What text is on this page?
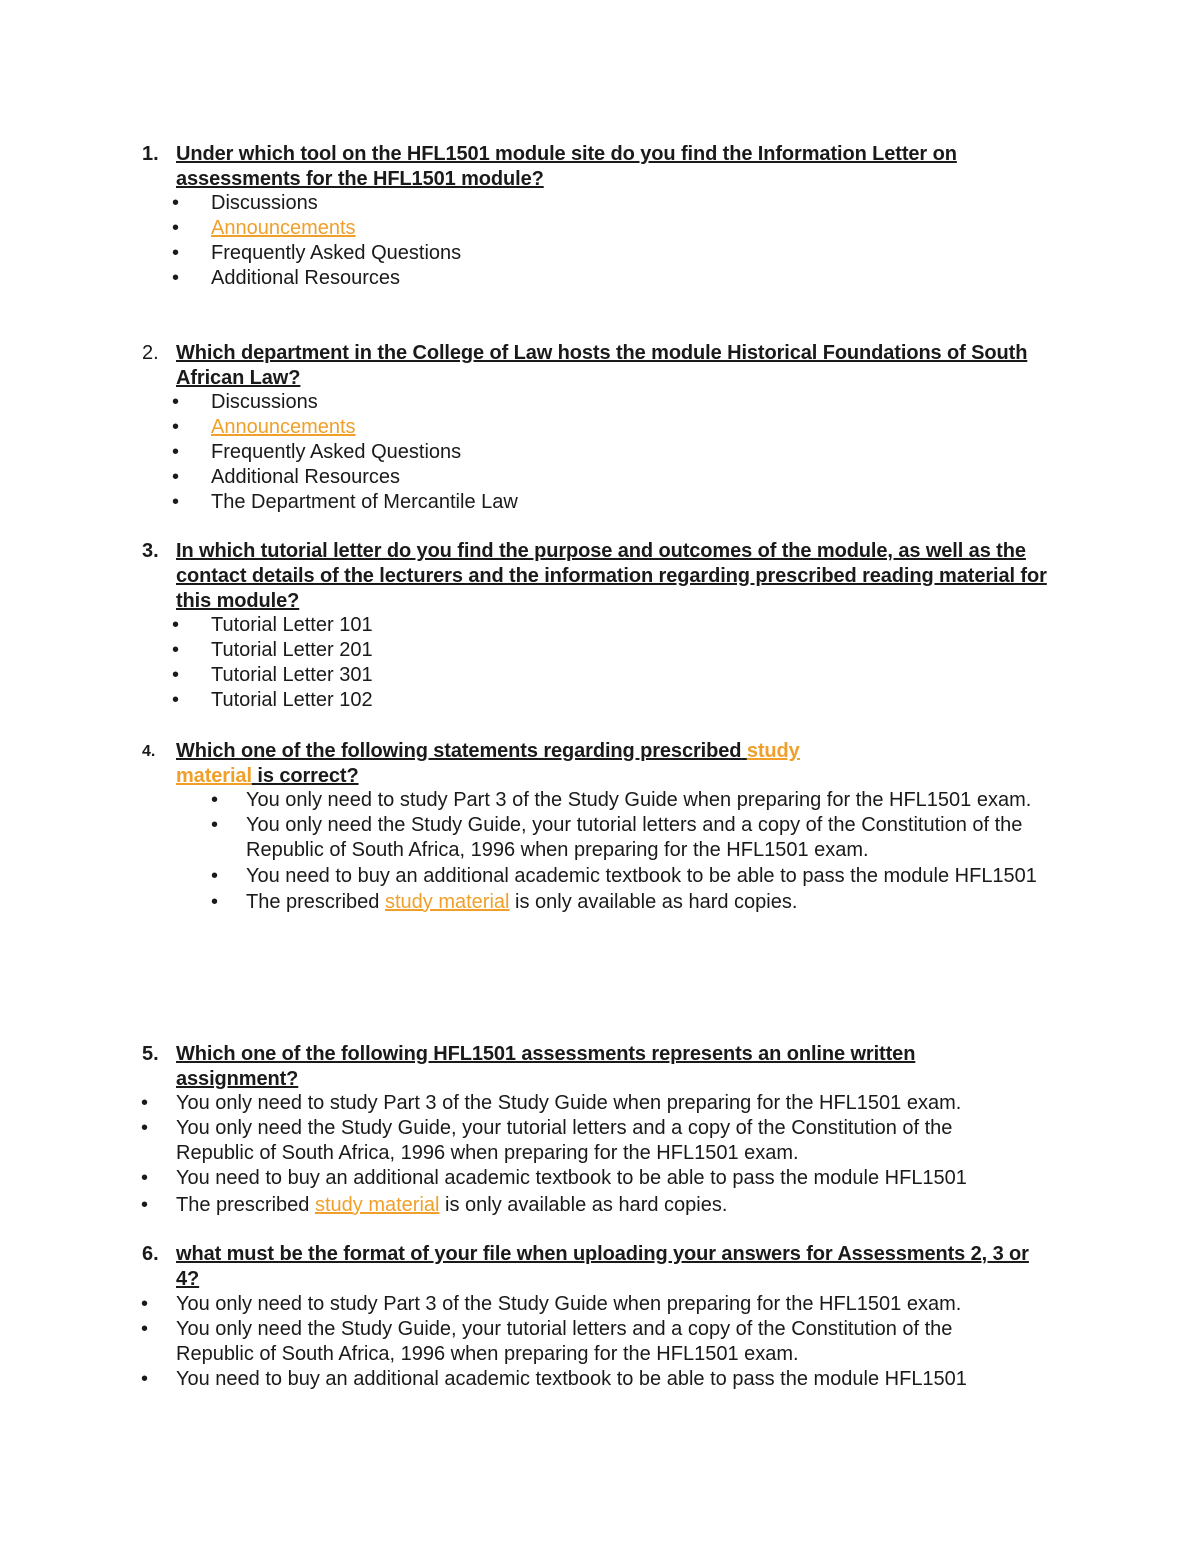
1. Under which tool on the HFL1501 module site do you find the Information Letter on assessments for the HFL1501 module?
• Discussions
• Announcements
• Frequently Asked Questions
• Additional Resources
2. Which department in the College of Law hosts the module Historical Foundations of South African Law?
• Discussions
• Announcements
• Frequently Asked Questions
• Additional Resources
• The Department of Mercantile Law
3. In which tutorial letter do you find the purpose and outcomes of the module, as well as the contact details of the lecturers and the information regarding prescribed reading material for this module?
• Tutorial Letter 101
• Tutorial Letter 201
• Tutorial Letter 301
• Tutorial Letter 102
4. Which one of the following statements regarding prescribed study material is correct?
• You only need to study Part 3 of the Study Guide when preparing for the HFL1501 exam.
• You only need the Study Guide, your tutorial letters and a copy of the Constitution of the Republic of South Africa, 1996 when preparing for the HFL1501 exam.
• You need to buy an additional academic textbook to be able to pass the module HFL1501
• The prescribed study material is only available as hard copies.
5. Which one of the following HFL1501 assessments represents an online written assignment?
• You only need to study Part 3 of the Study Guide when preparing for the HFL1501 exam.
• You only need the Study Guide, your tutorial letters and a copy of the Constitution of the Republic of South Africa, 1996 when preparing for the HFL1501 exam.
• You need to buy an additional academic textbook to be able to pass the module HFL1501
• The prescribed study material is only available as hard copies.
6. what must be the format of your file when uploading your answers for Assessments 2, 3 or 4?
• You only need to study Part 3 of the Study Guide when preparing for the HFL1501 exam.
• You only need the Study Guide, your tutorial letters and a copy of the Constitution of the Republic of South Africa, 1996 when preparing for the HFL1501 exam.
• You need to buy an additional academic textbook to be able to pass the module HFL1501
